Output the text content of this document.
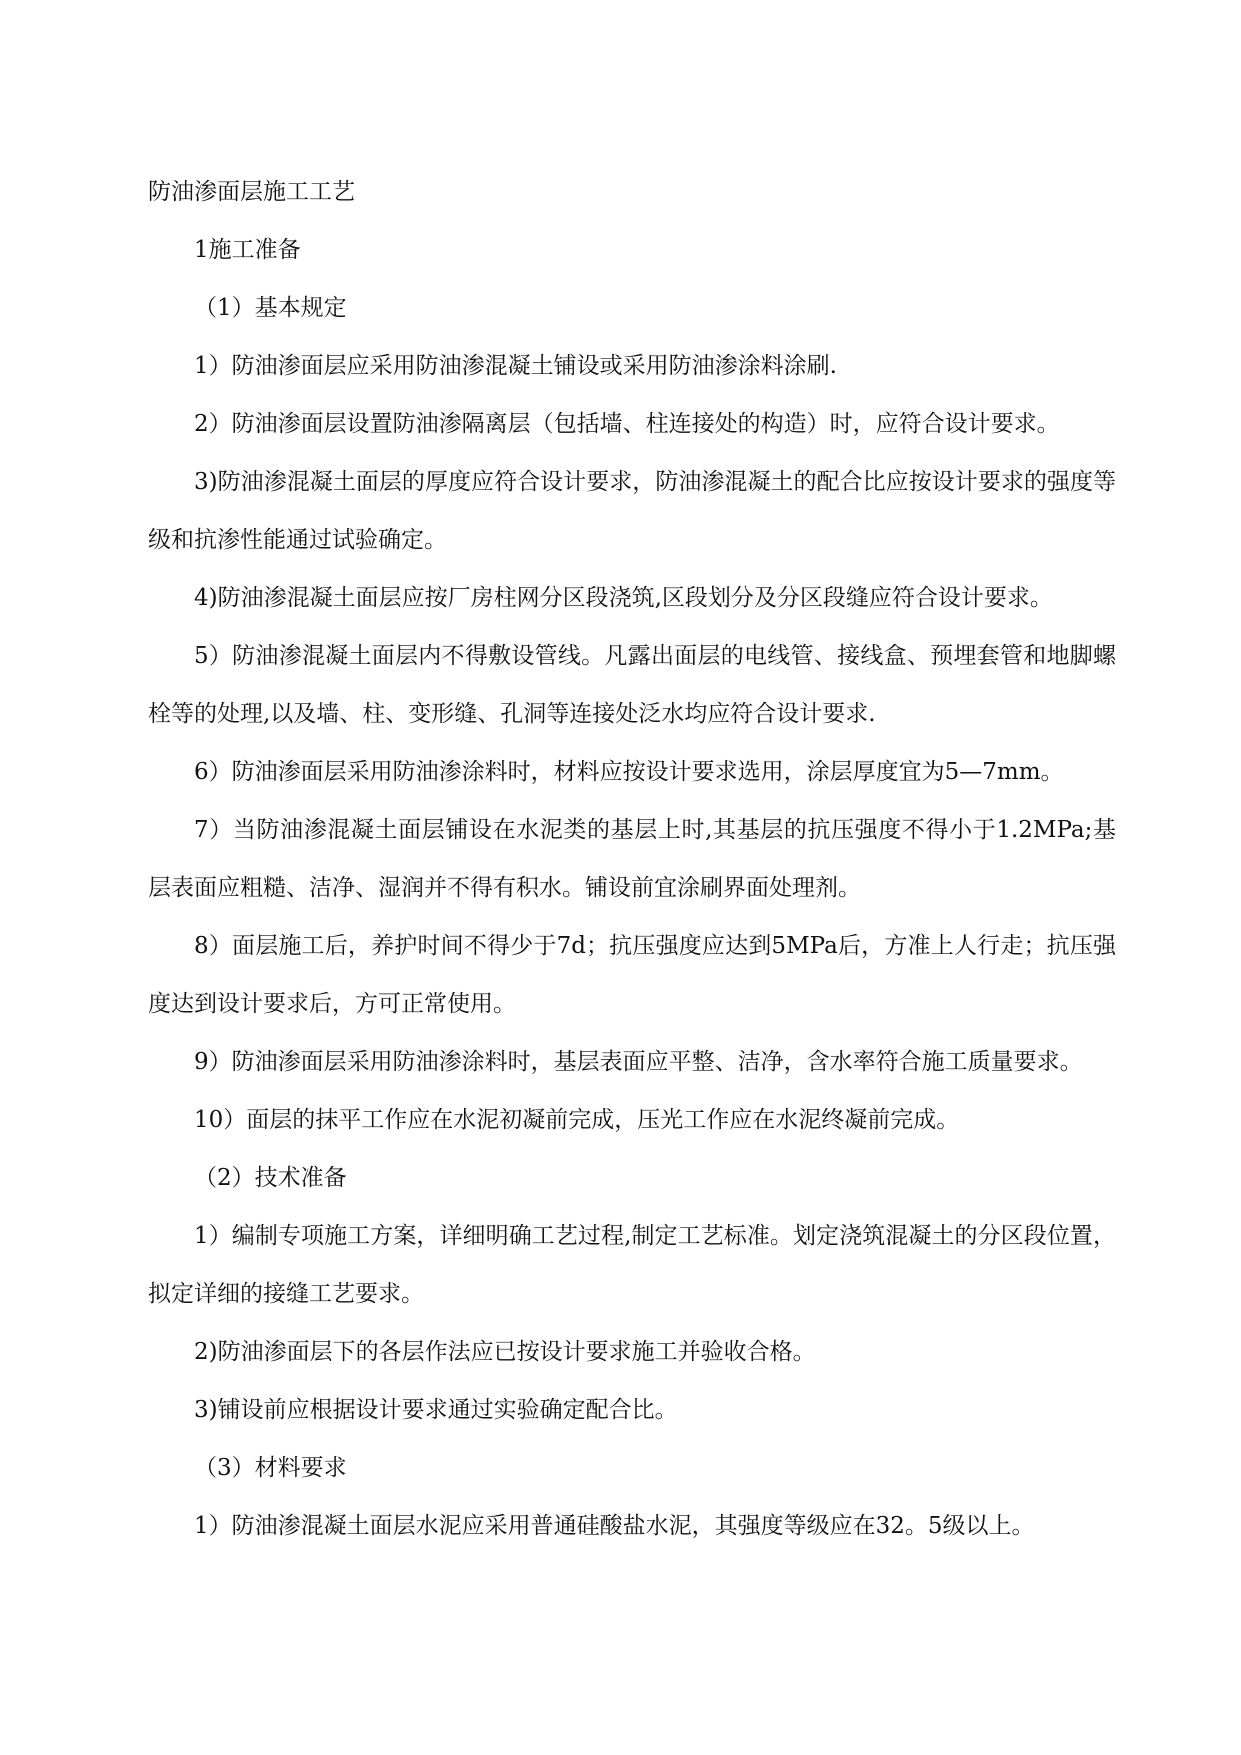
防油渗面层施工工艺

1施工准备

（1）基本规定

1）防油渗面层应采用防油渗混凝土铺设或采用防油渗涂料涂刷.

2）防油渗面层设置防油渗隔离层（包括墙、柱连接处的构造）时，应符合设计要求。

3)防油渗混凝土面层的厚度应符合设计要求，防油渗混凝土的配合比应按设计要求的强度等级和抗渗性能通过试验确定。

4)防油渗混凝土面层应按厂房柱网分区段浇筑,区段划分及分区段缝应符合设计要求。

5）防油渗混凝土面层内不得敷设管线。凡露出面层的电线管、接线盒、预埋套管和地脚螺栓等的处理,以及墙、柱、变形缝、孔洞等连接处泛水均应符合设计要求.

6）防油渗面层采用防油渗涂料时，材料应按设计要求选用，涂层厚度宜为5—7mm。

7）当防油渗混凝土面层铺设在水泥类的基层上时,其基层的抗压强度不得小于1.2MPa;基层表面应粗糙、洁净、湿润并不得有积水。铺设前宜涂刷界面处理剂。

8）面层施工后，养护时间不得少于7d；抗压强度应达到5MPa后，方准上人行走；抗压强度达到设计要求后，方可正常使用。

9）防油渗面层采用防油渗涂料时，基层表面应平整、洁净，含水率符合施工质量要求。

10）面层的抹平工作应在水泥初凝前完成，压光工作应在水泥终凝前完成。

（2）技术准备

1）编制专项施工方案，详细明确工艺过程,制定工艺标准。划定浇筑混凝土的分区段位置，拟定详细的接缝工艺要求。

2)防油渗面层下的各层作法应已按设计要求施工并验收合格。

3)铺设前应根据设计要求通过实验确定配合比。

（3）材料要求

1）防油渗混凝土面层水泥应采用普通硅酸盐水泥，其强度等级应在32。5级以上。
